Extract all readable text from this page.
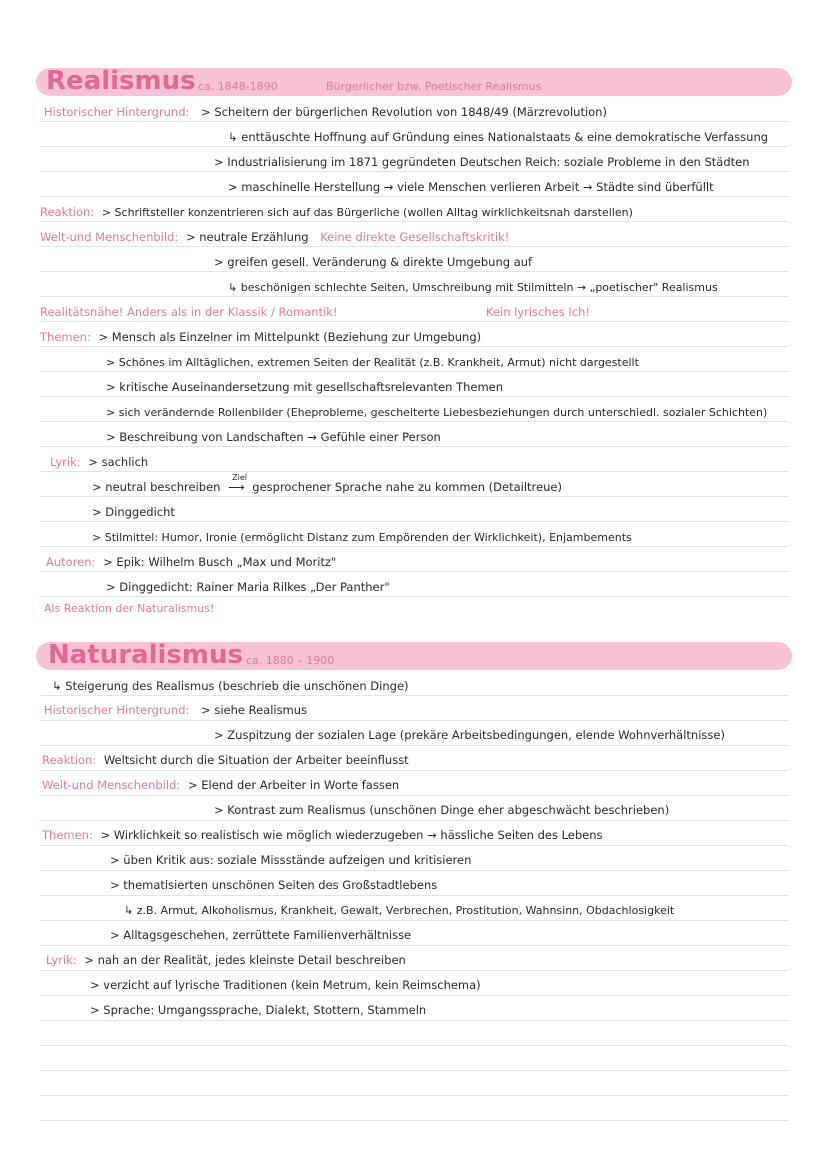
Realismus ca. 1848-1890	Bürgerlicher bzw. Poetischer Realismus
Historischer Hintergrund: > Scheitern der bürgerlichen Revolution von 1848/49 (Märzrevolution)
↳ enttäuschte Hoffnung auf Gründung eines Nationalstaats & eine demokratische Verfassung
> Industrialisierung im 1871 gegründeten Deutschen Reich: soziale Probleme in den Städten
> maschinelle Herstellung → viele Menschen verlieren Arbeit → Städte sind überfüllt
Reaktion: > Schriftsteller konzentrieren sich auf das Bürgerliche (wollen Alltag wirklichkeitsnah darstellen)
Welt-und Menschenbild: > neutrale Erzählung Keine direkte Gesellschaftskritik!
> greifen gesell. Veränderung & direkte Umgebung auf
↳ beschönigen schlechte Seiten, Umschreibung mit Stilmitteln → „poetischer" Realismus
Realitätsnähe! Anders als in der Klassik / Romantik!	Kein lyrisches Ich!
Themen: > Mensch als Einzelner im Mittelpunkt (Beziehung zur Umgebung)
> Schönes im Alltäglichen, extremen Seiten der Realität (z.B. Krankheit, Armut) nicht dargestellt
> kritische Auseinandersetzung mit gesellschaftsrelevanten Themen
> sich verändernde Rollenbilder (Eheprobleme, gescheiterte Liebesbeziehungen durch unterschiedl. sozialer Schichten)
> Beschreibung von Landschaften → Gefühle einer Person
Lyrik: > sachlich
> neutral beschreiben
Ziel
⟶ gesprochener Sprache nahe zu kommen (Detailtreue)
> Dinggedicht
> Stilmittel: Humor, Ironie (ermöglicht Distanz zum Empörenden der Wirklichkeit), Enjambements
Autoren: > Epik: Wilhelm Busch „Max und Moritz"
> Dinggedicht: Rainer Maria Rilkes „Der Panther"
Als Reaktion der Naturalismus!
Naturalismus ca. 1880 – 1900
↳ Steigerung des Realismus (beschrieb die unschönen Dinge)
Historischer Hintergrund: > siehe Realismus
> Zuspitzung der sozialen Lage (prekäre Arbeitsbedingungen, elende Wohnverhältnisse)
Reaktion: Weltsicht durch die Situation der Arbeiter beeinflusst
Welt-und Menschenbild: > Elend der Arbeiter in Worte fassen
> Kontrast zum Realismus (unschönen Dinge eher abgeschwächt beschrieben)
Themen: > Wirklichkeit so realistisch wie möglich wiederzugeben → hässliche Seiten des Lebens
> üben Kritik aus: soziale Missstände aufzeigen und kritisieren
> thematisierten unschönen Seiten des Großstadtlebens
↳ z.B. Armut, Alkoholismus, Krankheit, Gewalt, Verbrechen, Prostitution, Wahnsinn, Obdachlosigkeit
> Alltagsgeschehen, zerrüttete Familienverhältnisse
Lyrik: > nah an der Realität, jedes kleinste Detail beschreiben
> verzicht auf lyrische Traditionen (kein Metrum, kein Reimschema)
> Sprache: Umgangssprache, Dialekt, Stottern, Stammeln
